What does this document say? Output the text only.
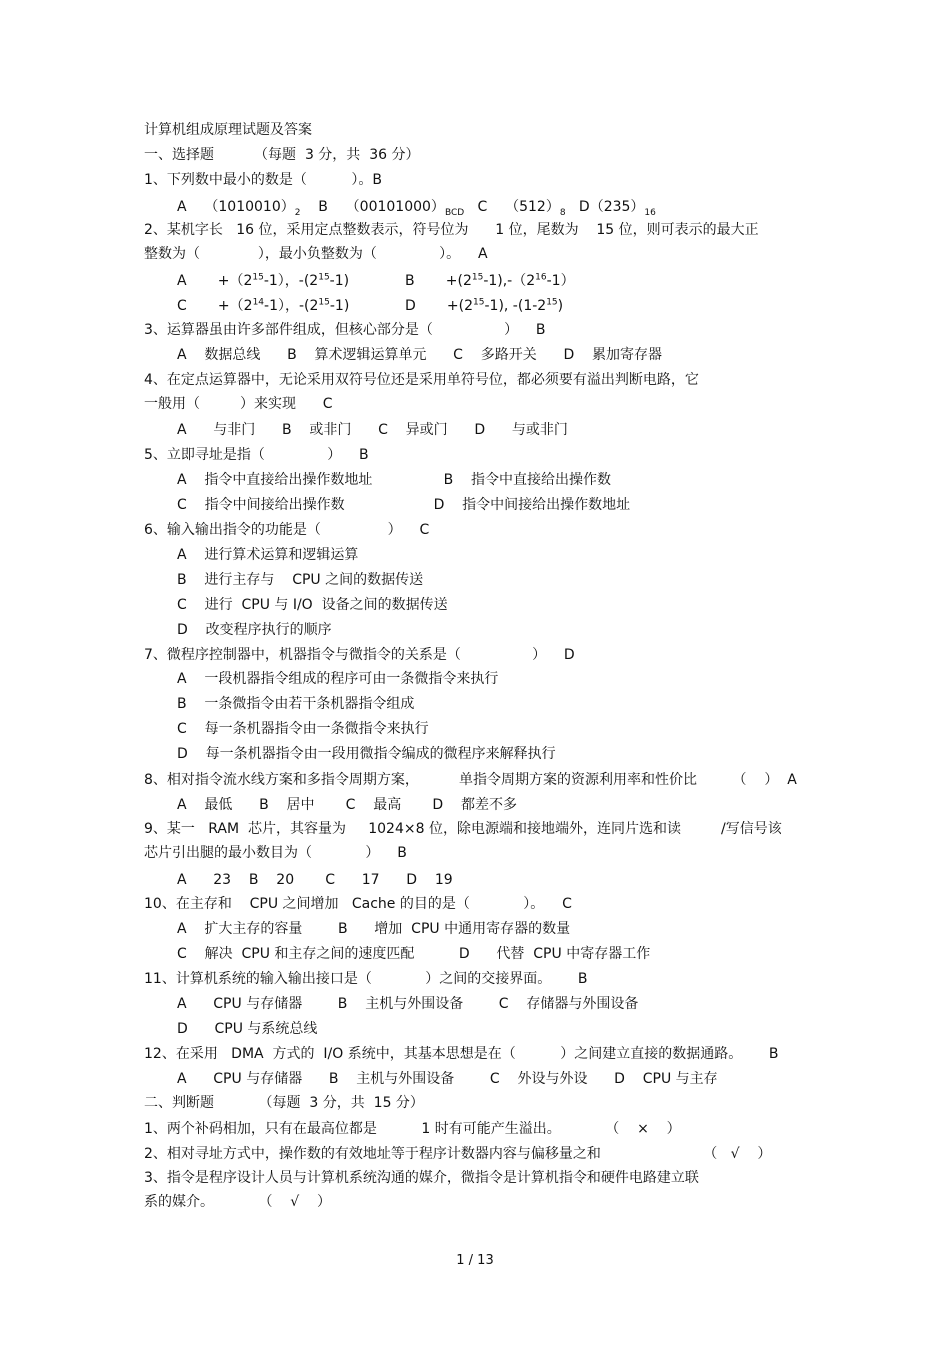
计算机组成原理试题及答案
一、选择题         （每题  3 分，共  36 分）
1、下列数中最小的数是（          ）。B
A    $(1010010)_2$    B    $(00101000)_{BCD}$   C    $(512)_8$   $D(235)_{16}$
2、某机字长   16 位，采用定点整数表示，符号位为      1 位，尾数为    15 位，则可表示的最大正
整数为（             ），最小负整数为（              ）。    A
A       $+(2^{15}-1)$，$-(2^{15}-1)$	B       $+(2^{15}-1),-(2^{16}-1)$
C       $+(2^{14}-1)$，$-(2^{15}-1)$	D       $+(2^{15}-1)$, $-(1-2^{15})$
3、运算器虽由许多部件组成，但核心部分是（                ）    B
A    数据总线      B    算术逻辑运算单元      C    多路开关      D    累加寄存器
4、在定点运算器中，无论采用双符号位还是采用单符号位，都必须要有溢出判断电路，它
一般用（         ）来实现      C
A      与非门      B    或非门      C    异或门      D      与或非门
5、立即寻址是指（              ）    B
A    指令中直接给出操作数地址                B    指令中直接给出操作数
C    指令中间接给出操作数                    D    指令中间接给出操作数地址
6、输入输出指令的功能是（               ）    C
A    进行算术运算和逻辑运算
B    进行主存与    CPU 之间的数据传送
C    进行  CPU 与 I/O  设备之间的数据传送
D    改变程序执行的顺序
7、微程序控制器中，机器指令与微指令的关系是（                ）    D
A    一段机器指令组成的程序可由一条微指令来执行
B    一条微指令由若干条机器指令组成
C    每一条机器指令由一条微指令来执行
D    每一条机器指令由一段用微指令编成的微程序来解释执行
8、相对指令流水线方案和多指令周期方案，         单指令周期方案的资源利用率和性价比        （    ）  A
A    最低      B    居中       C    最高       D    都差不多
9、某一   RAM  芯片，其容量为     1024×8 位，除电源端和接地端外，连同片选和读         /写信号该
芯片引出腿的最小数目为（            ）    B
A      23    B    20       C      17      D    19
10、在主存和    CPU 之间增加   Cache 的目的是（            ）。    C
A    扩大主存的容量        B      增加  CPU 中通用寄存器的数量
C    解决  CPU 和主存之间的速度匹配          D      代替  CPU 中寄存器工作
11、计算机系统的输入输出接口是（            ）之间的交接界面。      B
A      CPU 与存储器        B    主机与外围设备        C    存储器与外围设备
D      CPU 与系统总线
12、在采用   DMA  方式的  I/O 系统中，其基本思想是在（          ）之间建立直接的数据通路。      B
A      CPU 与存储器      B    主机与外围设备        C    外设与外设      D    CPU 与主存
二、判断题          （每题  3 分，共  15 分）
1、两个补码相加，只有在最高位都是          1 时有可能产生溢出。          （    ×    ）
2、相对寻址方式中，操作数的有效地址等于程序计数器内容与偏移量之和                       （   √    ）
3、指令是程序设计人员与计算机系统沟通的媒介，微指令是计算机指令和硬件电路建立联
系的媒介。          （    √    ）
1 / 13
